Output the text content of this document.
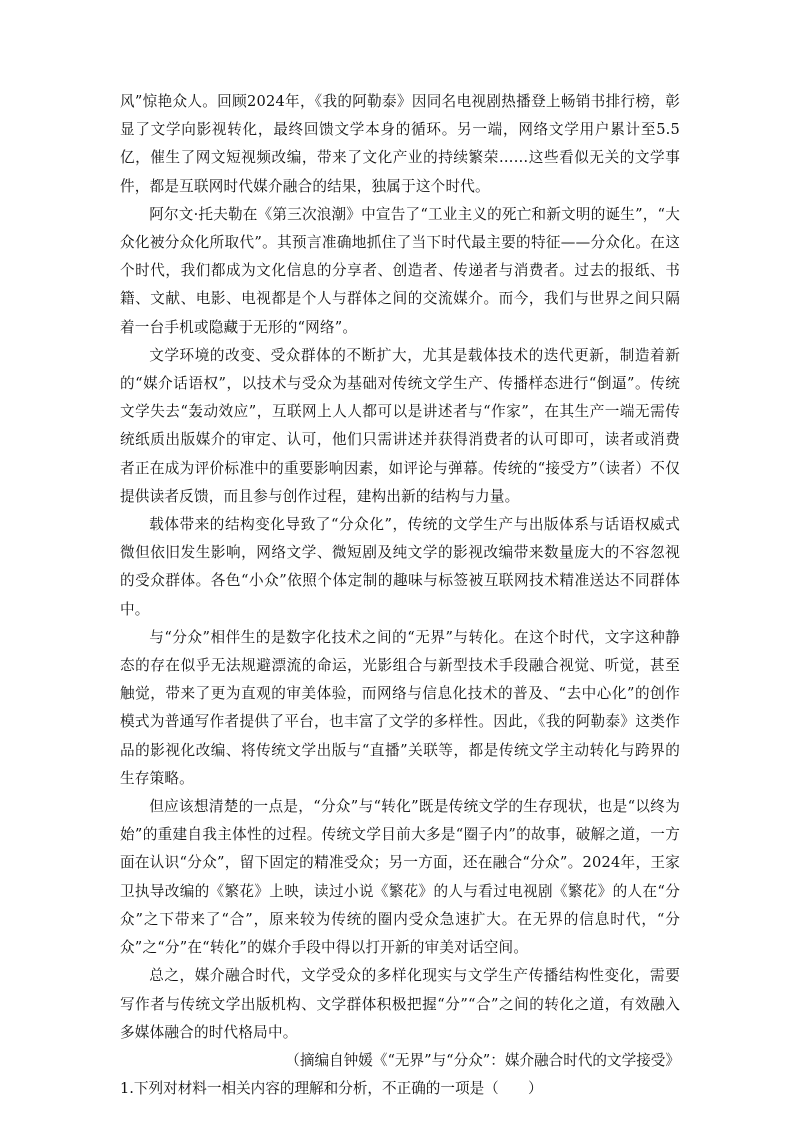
风”惊艳众人。回顾2024年，《我的阿勒泰》因同名电视剧热播登上畅销书排行榜，彰显了文学向影视转化，最终回馈文学本身的循环。另一端，网络文学用户累计至5.5亿，催生了网文短视频改编，带来了文化产业的持续繁荣……这些看似无关的文学事件，都是互联网时代媒介融合的结果，独属于这个时代。

阿尔文·托夫勒在《第三次浪潮》中宣告了“工业主义的死亡和新文明的诞生”，“大众化被分众化所取代”。其预言准确地抓住了当下时代最主要的特征——分众化。在这个时代，我们都成为文化信息的分享者、创造者、传递者与消费者。过去的报纸、书籍、文献、电影、电视都是个人与群体之间的交流媒介。而今，我们与世界之间只隔着一台手机或隐藏于无形的“网络”。

文学环境的改变、受众群体的不断扩大，尤其是载体技术的迭代更新，制造着新的“媒介话语权”，以技术与受众为基础对传统文学生产、传播样态进行“倒逼”。传统文学失去“轰动效应”，互联网上人人都可以是讲述者与“作家”，在其生产一端无需传统纸质出版媒介的审定、认可，他们只需讲述并获得消费者的认可即可，读者或消费者正在成为评价标准中的重要影响因素，如评论与弹幕。传统的“接受方”（读者）不仅提供读者反馈，而且参与创作过程，建构出新的结构与力量。

载体带来的结构变化导致了“分众化”，传统的文学生产与出版体系与话语权威式微但依旧发生影响，网络文学、微短剧及纯文学的影视改编带来数量庞大的不容忽视的受众群体。各色“小众”依照个体定制的趣味与标签被互联网技术精准送达不同群体中。

与“分众”相伴生的是数字化技术之间的“无界”与转化。在这个时代，文字这种静态的存在似乎无法规避漂流的命运，光影组合与新型技术手段融合视觉、听觉，甚至触觉，带来了更为直观的审美体验，而网络与信息化技术的普及、“去中心化”的创作模式为普通写作者提供了平台，也丰富了文学的多样性。因此，《我的阿勒泰》这类作品的影视化改编、将传统文学出版与“直播”关联等，都是传统文学主动转化与跨界的生存策略。

但应该想清楚的一点是，“分众”与“转化”既是传统文学的生存现状，也是“以终为始”的重建自我主体性的过程。传统文学目前大多是“圈子内”的故事，破解之道，一方面在认识“分众”，留下固定的精准受众；另一方面，还在融合“分众”。2024年，王家卫执导改编的《繁花》上映，读过小说《繁花》的人与看过电视剧《繁花》的人在“分众”之下带来了“合”，原来较为传统的圈内受众急速扩大。在无界的信息时代，“分众”之“分”在“转化”的媒介手段中得以打开新的审美对话空间。

总之，媒介融合时代，文学受众的多样化现实与文学生产传播结构性变化，需要写作者与传统文学出版机构、文学群体积极把握“分”“合”之间的转化之道，有效融入多媒体融合的时代格局中。

（摘编自钟媛《“无界”与“分众”：媒介融合时代的文学接受》

1.下列对材料一相关内容的理解和分析，不正确的一项是（　　）
